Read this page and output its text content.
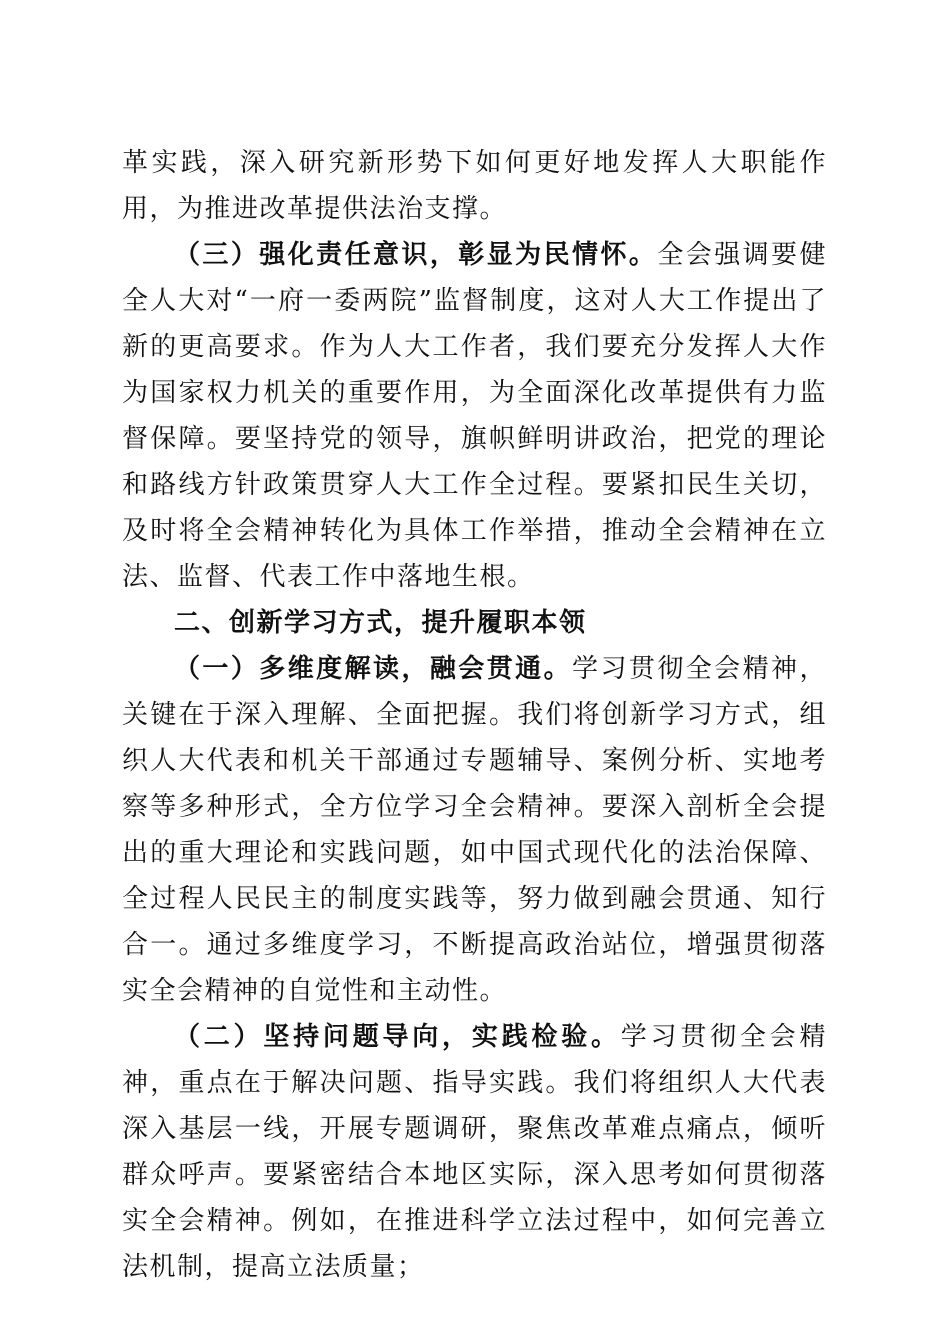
革实践，深入研究新形势下如何更好地发挥人大职能作用，为推进改革提供法治支撑。

（三）强化责任意识，彰显为民情怀。全会强调要健全人大对“一府一委两院”监督制度，这对人大工作提出了新的更高要求。作为人大工作者，我们要充分发挥人大作为国家权力机关的重要作用，为全面深化改革提供有力监督保障。要坚持党的领导，旗帜鲜明讲政治，把党的理论和路线方针政策贯穿人大工作全过程。要紧扣民生关切，及时将全会精神转化为具体工作举措，推动全会精神在立法、监督、代表工作中落地生根。

二、创新学习方式，提升履职本领

（一）多维度解读，融会贯通。学习贯彻全会精神，关键在于深入理解、全面把握。我们将创新学习方式，组织人大代表和机关干部通过专题辅导、案例分析、实地考察等多种形式，全方位学习全会精神。要深入剖析全会提出的重大理论和实践问题，如中国式现代化的法治保障、全过程人民民主的制度实践等，努力做到融会贯通、知行合一。通过多维度学习，不断提高政治站位，增强贯彻落实全会精神的自觉性和主动性。

（二）坚持问题导向，实践检验。学习贯彻全会精神，重点在于解决问题、指导实践。我们将组织人大代表深入基层一线，开展专题调研，聚焦改革难点痛点，倾听群众呼声。要紧密结合本地区实际，深入思考如何贯彻落实全会精神。例如，在推进科学立法过程中，如何完善立法机制，提高立法质量；
